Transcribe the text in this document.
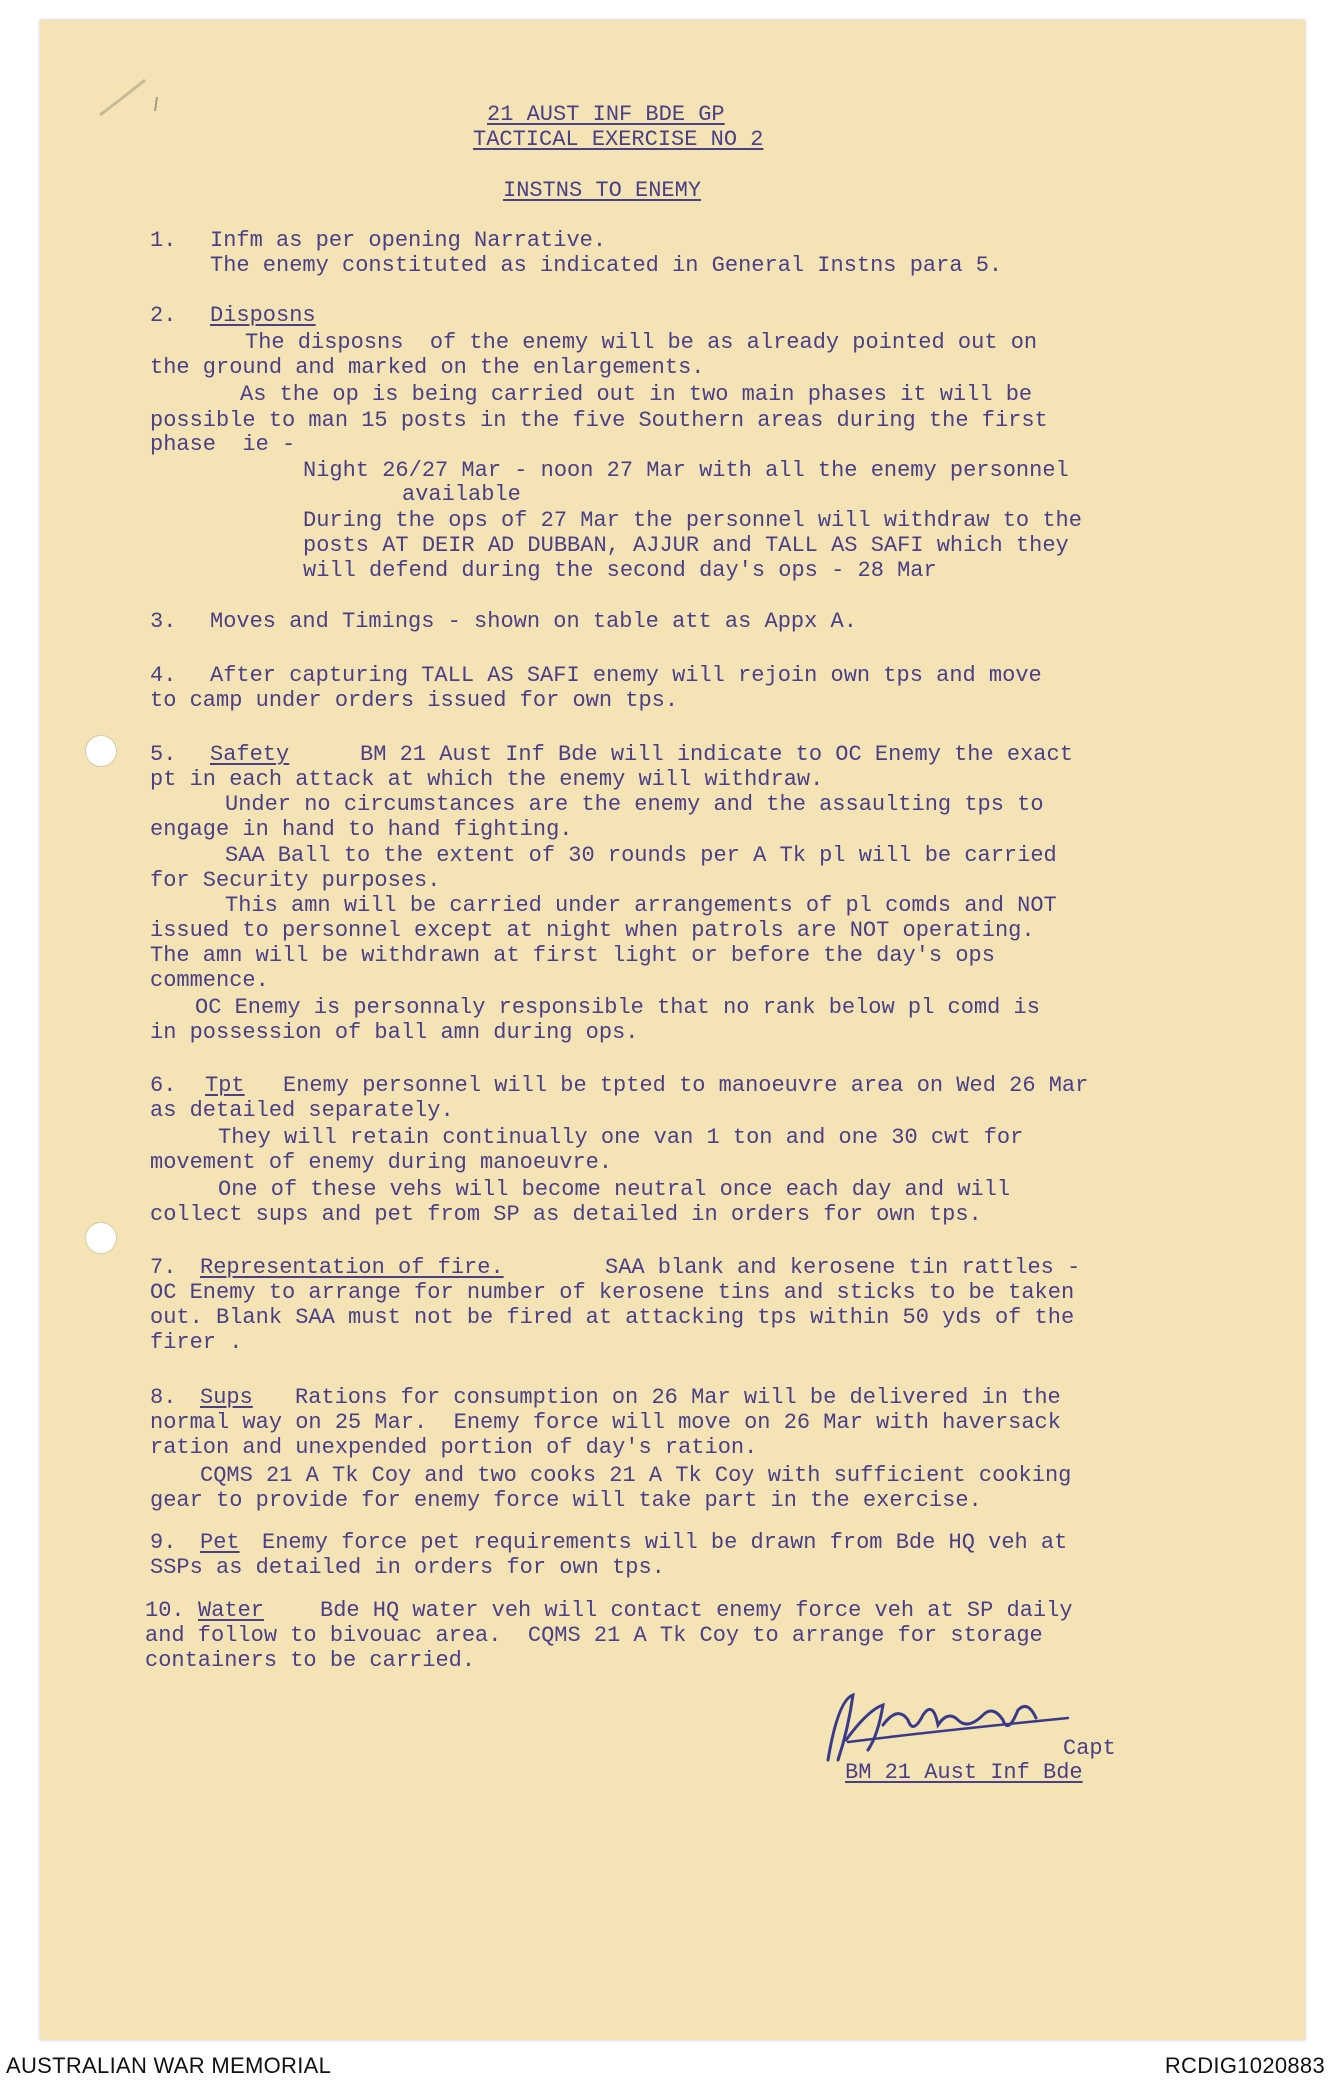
21 AUST INF BDE GP
TACTICAL EXERCISE NO 2
INSTNS TO ENEMY
1. Infm as per opening Narrative.
The enemy constituted as indicated in General Instns para 5.
2. Disposns
The disposns  of the enemy will be as already pointed out on
the ground and marked on the enlargements.
As the op is being carried out in two main phases it will be
possible to man 15 posts in the five Southern areas during the first
phase  ie -
Night 26/27 Mar - noon 27 Mar with all the enemy personnel
available
During the ops of 27 Mar the personnel will withdraw to the
posts AT DEIR AD DUBBAN, AJJUR and TALL AS SAFI which they
will defend during the second day's ops - 28 Mar
3. Moves and Timings - shown on table att as Appx A.
4. After capturing TALL AS SAFI enemy will rejoin own tps and move
to camp under orders issued for own tps.
5. Safety	BM 21 Aust Inf Bde will indicate to OC Enemy the exact
pt in each attack at which the enemy will withdraw.
Under no circumstances are the enemy and the assaulting tps to
engage in hand to hand fighting.
SAA Ball to the extent of 30 rounds per A Tk pl will be carried
for Security purposes.
This amn will be carried under arrangements of pl comds and NOT
issued to personnel except at night when patrols are NOT operating.
The amn will be withdrawn at first light or before the day's ops
commence.
OC Enemy is personnaly responsible that no rank below pl comd is
in possession of ball amn during ops.
6. Tpt Enemy personnel will be tpted to manoeuvre area on Wed 26 Mar
as detailed separately.
They will retain continually one van 1 ton and one 30 cwt for
movement of enemy during manoeuvre.
One of these vehs will become neutral once each day and will
collect sups and pet from SP as detailed in orders for own tps.
7. Representation of fire.	SAA blank and kerosene tin rattles -
OC Enemy to arrange for number of kerosene tins and sticks to be taken
out. Blank SAA must not be fired at attacking tps within 50 yds of the
firer .
8. Sups Rations for consumption on 26 Mar will be delivered in the
normal way on 25 Mar.  Enemy force will move on 26 Mar with haversack
ration and unexpended portion of day's ration.
CQMS 21 A Tk Coy and two cooks 21 A Tk Coy with sufficient cooking
gear to provide for enemy force will take part in the exercise.
9. Pet Enemy force pet requirements will be drawn from Bde HQ veh at
SSPs as detailed in orders for own tps.
10. Water	Bde HQ water veh will contact enemy force veh at SP daily
and follow to bivouac area.  CQMS 21 A Tk Coy to arrange for storage
containers to be carried.
Capt
BM 21 Aust Inf Bde
AUSTRALIAN WAR MEMORIAL	RCDIG1020883
